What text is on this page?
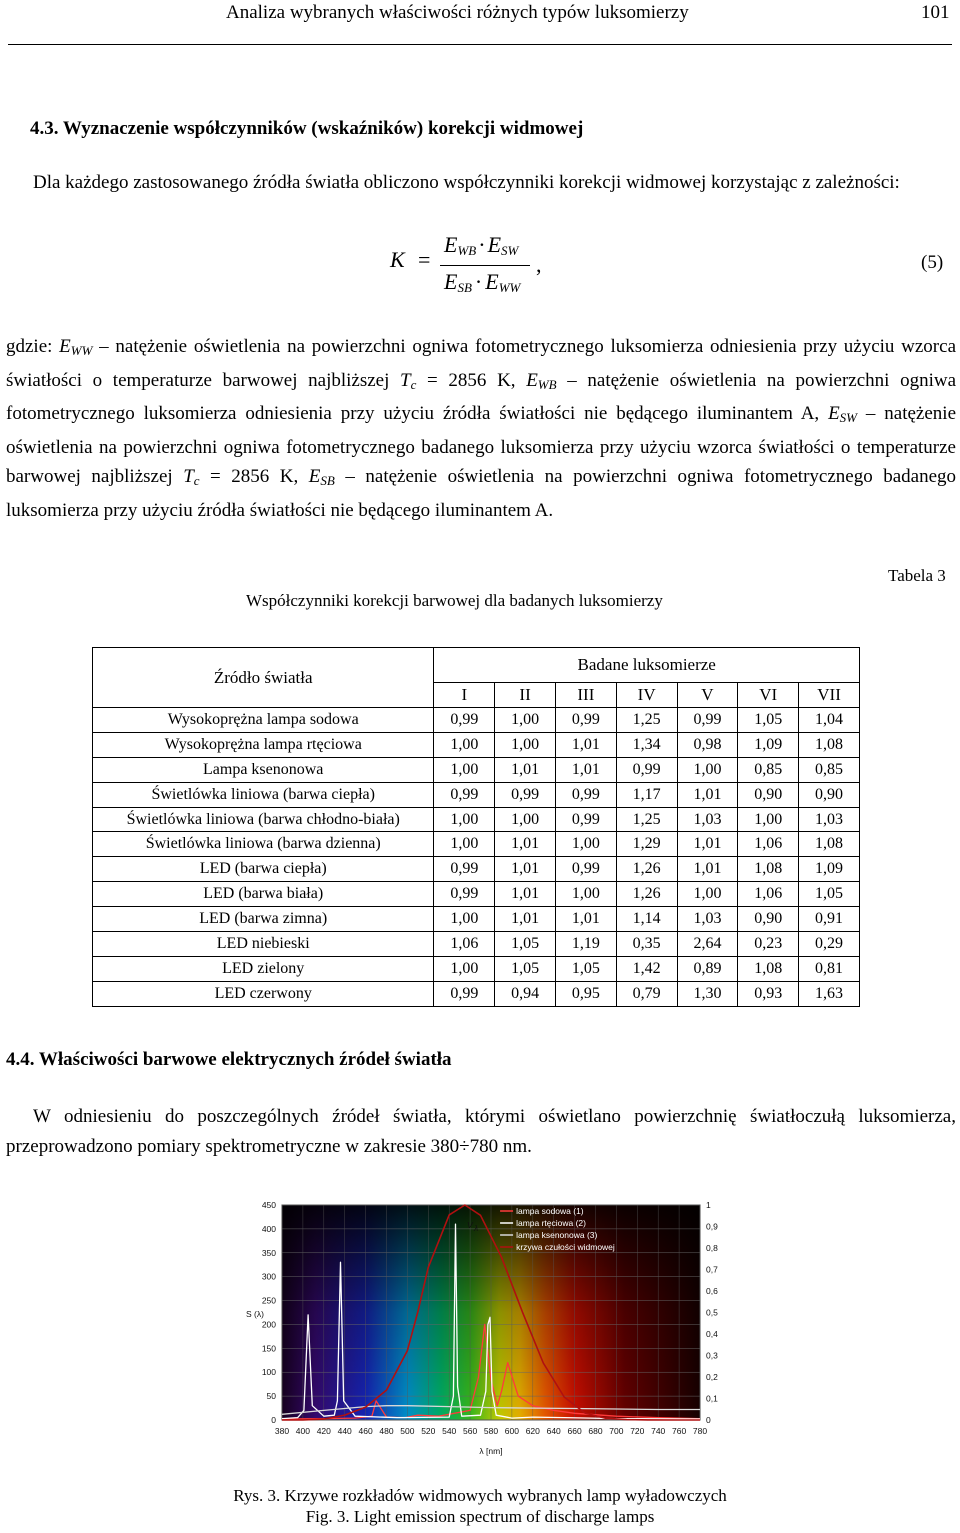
Analiza wybranych właściwości różnych typów luksomierzy	101
4.3. Wyznaczenie współczynników (wskaźników) korekcji widmowej

Dla każdego zastosowanego źródła światła obliczono współczynniki korekcji widmowej korzystając z zależności:

K =
$E_{WB}\cdot E_{SW}$
$E_{SB} \cdot E_{WW}$
,	(5)

gdzie: $E_{WW}$ – natężenie oświetlenia na powierzchni ogniwa fotometrycznego luksomierza odniesienia przy użyciu wzorca światłości o temperaturze barwowej najbliższej $T_c = 2856$ K, $E_{WB}$ – natężenie oświetlenia na powierzchni ogniwa fotometrycznego luksomierza odniesienia przy użyciu źródła światłości nie będącego iluminantem A, $E_{SW}$ – natężenie oświetlenia na powierzchni ogniwa fotometrycznego badanego luksomierza przy użyciu wzorca światłości o temperaturze barwowej najbliższej $T_c = 2856$ K, $E_{SB}$ – natężenie oświetlenia na powierzchni ogniwa fotometrycznego badanego luksomierza przy użyciu źródła światłości nie będącego iluminantem A.

Tabela 3
Współczynniki korekcji barwowej dla badanych luksomierzy
Źródło światła	Badane luksomierze						
	I	II	III	IV	V	VI	VII
Wysokoprężna lampa sodowa	0,99	1,00	0,99	1,25	0,99	1,05	1,04
Wysokoprężna lampa rtęciowa	1,00	1,00	1,01	1,34	0,98	1,09	1,08
Lampa ksenonowa	1,00	1,01	1,01	0,99	1,00	0,85	0,85
Świetlówka liniowa (barwa ciepła)	0,99	0,99	0,99	1,17	1,01	0,90	0,90
Świetlówka liniowa (barwa chłodno-biała)	1,00	1,00	0,99	1,25	1,03	1,00	1,03
Świetlówka liniowa (barwa dzienna)	1,00	1,01	1,00	1,29	1,01	1,06	1,08
LED (barwa ciepła)	0,99	1,01	0,99	1,26	1,01	1,08	1,09
LED (barwa biała)	0,99	1,01	1,00	1,26	1,00	1,06	1,05
LED (barwa zimna)	1,00	1,01	1,01	1,14	1,03	0,90	0,91
LED niebieski	1,06	1,05	1,19	0,35	2,64	0,23	0,29
LED zielony	1,00	1,05	1,05	1,42	0,89	1,08	0,81
LED czerwony	0,99	0,94	0,95	0,79	1,30	0,93	1,63
4.4. Właściwości barwowe elektrycznych źródeł światła

W odniesieniu do poszczególnych źródeł światła, którymi oświetlano powierzchnię światłoczułą luksomierza, przeprowadzono pomiary spektrometryczne w zakresie 380÷780 nm.

0
50
100
150
200
250
300
350
400
450
0
0,1
0,2
0,3
0,4
0,5
0,6
0,7
0,8
0,9
1
380 400 420 440 460 480 500 520 540 560 580 600 620 640 660 680 700 720 740 760 780
λ [nm]
S (λ)
V λ
lampa sodowa (1)
lampa rtęciowa (2)
lampa ksenonowa (3)
krzywa czułości widmowej
Rys. 3. Krzywe rozkładów widmowych wybranych lamp wyładowczych
Fig. 3. Light emission spectrum of discharge lamps
